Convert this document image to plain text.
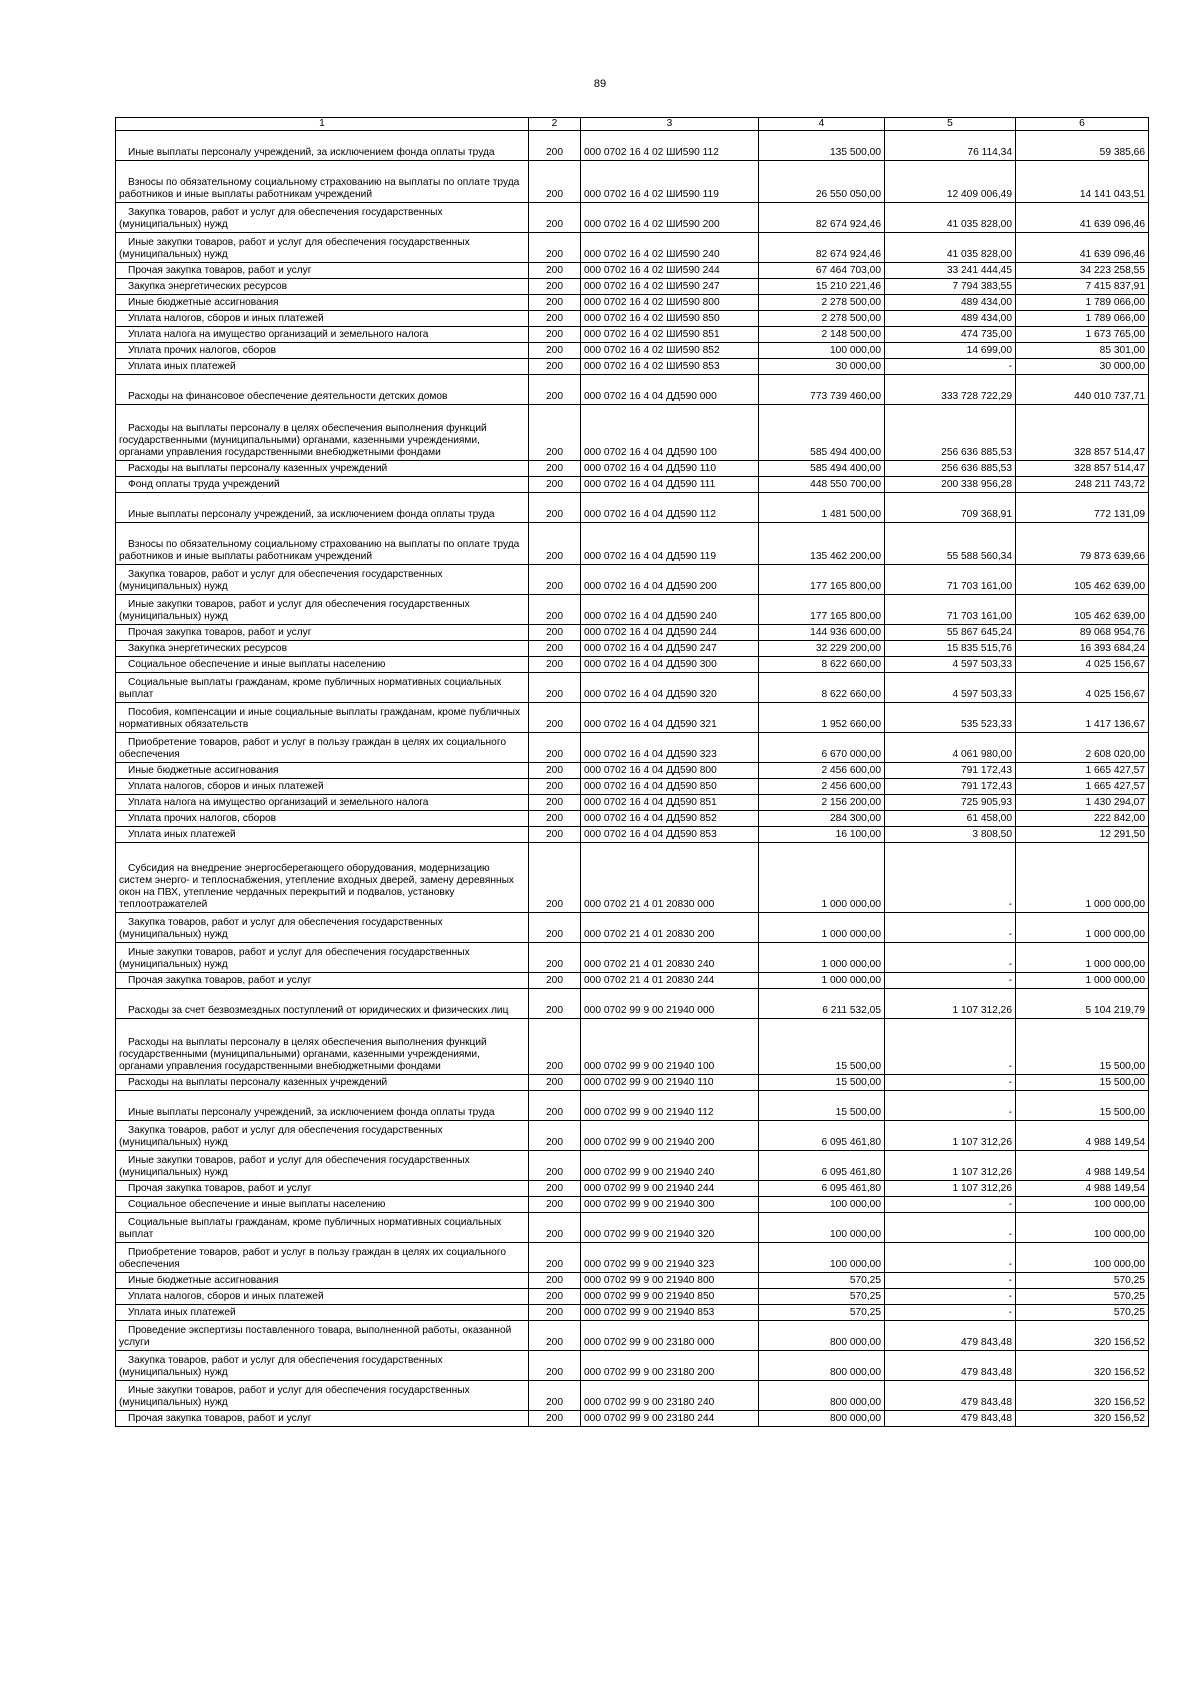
89
1	2	3	4	5	6

Иные выплаты персоналу учреждений, за исключением фонда оплаты труда	200	000 0702 16 4 02 ШИ590 112	135 500,00	76 114,34	59 385,66

Взносы по обязательному социальному страхованию на выплаты по оплате труда работников и иные выплаты работникам учреждений	200	000 0702 16 4 02 ШИ590 119	26 550 050,00	12 409 006,49	14 141 043,51

Закупка товаров, работ и услуг для обеспечения государственных (муниципальных) нужд	200	000 0702 16 4 02 ШИ590 200	82 674 924,46	41 035 828,00	41 639 096,46

Иные закупки товаров, работ и услуг для обеспечения государственных (муниципальных) нужд	200	000 0702 16 4 02 ШИ590 240	82 674 924,46	41 035 828,00	41 639 096,46

Прочая закупка товаров, работ и услуг	200	000 0702 16 4 02 ШИ590 244	67 464 703,00	33 241 444,45	34 223 258,55

Закупка энергетических ресурсов	200	000 0702 16 4 02 ШИ590 247	15 210 221,46	7 794 383,55	7 415 837,91

Иные бюджетные ассигнования	200	000 0702 16 4 02 ШИ590 800	2 278 500,00	489 434,00	1 789 066,00

Уплата налогов, сборов и иных платежей	200	000 0702 16 4 02 ШИ590 850	2 278 500,00	489 434,00	1 789 066,00

Уплата налога на имущество организаций и земельного налога	200	000 0702 16 4 02 ШИ590 851	2 148 500,00	474 735,00	1 673 765,00

Уплата прочих налогов, сборов	200	000 0702 16 4 02 ШИ590 852	100 000,00	14 699,00	85 301,00

Уплата иных платежей	200	000 0702 16 4 02 ШИ590 853	30 000,00	-	30 000,00

Расходы на финансовое обеспечение деятельности детских домов	200	000 0702 16 4 04 ДД590 000	773 739 460,00	333 728 722,29	440 010 737,71

Расходы на выплаты персоналу в целях обеспечения выполнения функций государственными (муниципальными) органами, казенными учреждениями, органами управления государственными внебюджетными фондами	200	000 0702 16 4 04 ДД590 100	585 494 400,00	256 636 885,53	328 857 514,47

Расходы на выплаты персоналу казенных учреждений	200	000 0702 16 4 04 ДД590 110	585 494 400,00	256 636 885,53	328 857 514,47

Фонд оплаты труда учреждений	200	000 0702 16 4 04 ДД590 111	448 550 700,00	200 338 956,28	248 211 743,72

Иные выплаты персоналу учреждений, за исключением фонда оплаты труда	200	000 0702 16 4 04 ДД590 112	1 481 500,00	709 368,91	772 131,09

Взносы по обязательному социальному страхованию на выплаты по оплате труда работников и иные выплаты работникам учреждений	200	000 0702 16 4 04 ДД590 119	135 462 200,00	55 588 560,34	79 873 639,66

Закупка товаров, работ и услуг для обеспечения государственных (муниципальных) нужд	200	000 0702 16 4 04 ДД590 200	177 165 800,00	71 703 161,00	105 462 639,00

Иные закупки товаров, работ и услуг для обеспечения государственных (муниципальных) нужд	200	000 0702 16 4 04 ДД590 240	177 165 800,00	71 703 161,00	105 462 639,00

Прочая закупка товаров, работ и услуг	200	000 0702 16 4 04 ДД590 244	144 936 600,00	55 867 645,24	89 068 954,76

Закупка энергетических ресурсов	200	000 0702 16 4 04 ДД590 247	32 229 200,00	15 835 515,76	16 393 684,24

Социальное обеспечение и иные выплаты населению	200	000 0702 16 4 04 ДД590 300	8 622 660,00	4 597 503,33	4 025 156,67

Социальные выплаты гражданам, кроме публичных нормативных социальных выплат	200	000 0702 16 4 04 ДД590 320	8 622 660,00	4 597 503,33	4 025 156,67

Пособия, компенсации и иные социальные выплаты гражданам, кроме публичных нормативных обязательств	200	000 0702 16 4 04 ДД590 321	1 952 660,00	535 523,33	1 417 136,67

Приобретение товаров, работ и услуг в пользу граждан в целях их социального обеспечения	200	000 0702 16 4 04 ДД590 323	6 670 000,00	4 061 980,00	2 608 020,00

Иные бюджетные ассигнования	200	000 0702 16 4 04 ДД590 800	2 456 600,00	791 172,43	1 665 427,57

Уплата налогов, сборов и иных платежей	200	000 0702 16 4 04 ДД590 850	2 456 600,00	791 172,43	1 665 427,57

Уплата налога на имущество организаций и земельного налога	200	000 0702 16 4 04 ДД590 851	2 156 200,00	725 905,93	1 430 294,07

Уплата прочих налогов, сборов	200	000 0702 16 4 04 ДД590 852	284 300,00	61 458,00	222 842,00

Уплата иных платежей	200	000 0702 16 4 04 ДД590 853	16 100,00	3 808,50	12 291,50

Субсидия на внедрение энергосберегающего оборудования, модернизацию систем энерго- и теплоснабжения, утепление входных дверей, замену деревянных окон на ПВХ, утепление чердачных перекрытий и подвалов, установку теплоотражателей	200	000 0702 21 4 01 20830 000	1 000 000,00	-	1 000 000,00

Закупка товаров, работ и услуг для обеспечения государственных (муниципальных) нужд	200	000 0702 21 4 01 20830 200	1 000 000,00	-	1 000 000,00

Иные закупки товаров, работ и услуг для обеспечения государственных (муниципальных) нужд	200	000 0702 21 4 01 20830 240	1 000 000,00	-	1 000 000,00

Прочая закупка товаров, работ и услуг	200	000 0702 21 4 01 20830 244	1 000 000,00	-	1 000 000,00

Расходы за счет безвозмездных поступлений от юридических и физических лиц	200	000 0702 99 9 00 21940 000	6 211 532,05	1 107 312,26	5 104 219,79

Расходы на выплаты персоналу в целях обеспечения выполнения функций государственными (муниципальными) органами, казенными учреждениями, органами управления государственными внебюджетными фондами	200	000 0702 99 9 00 21940 100	15 500,00	-	15 500,00

Расходы на выплаты персоналу казенных учреждений	200	000 0702 99 9 00 21940 110	15 500,00	-	15 500,00

Иные выплаты персоналу учреждений, за исключением фонда оплаты труда	200	000 0702 99 9 00 21940 112	15 500,00	-	15 500,00

Закупка товаров, работ и услуг для обеспечения государственных (муниципальных) нужд	200	000 0702 99 9 00 21940 200	6 095 461,80	1 107 312,26	4 988 149,54

Иные закупки товаров, работ и услуг для обеспечения государственных (муниципальных) нужд	200	000 0702 99 9 00 21940 240	6 095 461,80	1 107 312,26	4 988 149,54

Прочая закупка товаров, работ и услуг	200	000 0702 99 9 00 21940 244	6 095 461,80	1 107 312,26	4 988 149,54

Социальное обеспечение и иные выплаты населению	200	000 0702 99 9 00 21940 300	100 000,00	-	100 000,00

Социальные выплаты гражданам, кроме публичных нормативных социальных выплат	200	000 0702 99 9 00 21940 320	100 000,00	-	100 000,00

Приобретение товаров, работ и услуг в пользу граждан в целях их социального обеспечения	200	000 0702 99 9 00 21940 323	100 000,00	-	100 000,00

Иные бюджетные ассигнования	200	000 0702 99 9 00 21940 800	570,25	-	570,25

Уплата налогов, сборов и иных платежей	200	000 0702 99 9 00 21940 850	570,25	-	570,25

Уплата иных платежей	200	000 0702 99 9 00 21940 853	570,25	-	570,25

Проведение экспертизы поставленного товара, выполненной работы, оказанной услуги	200	000 0702 99 9 00 23180 000	800 000,00	479 843,48	320 156,52

Закупка товаров, работ и услуг для обеспечения государственных (муниципальных) нужд	200	000 0702 99 9 00 23180 200	800 000,00	479 843,48	320 156,52

Иные закупки товаров, работ и услуг для обеспечения государственных (муниципальных) нужд	200	000 0702 99 9 00 23180 240	800 000,00	479 843,48	320 156,52

Прочая закупка товаров, работ и услуг	200	000 0702 99 9 00 23180 244	800 000,00	479 843,48	320 156,52
